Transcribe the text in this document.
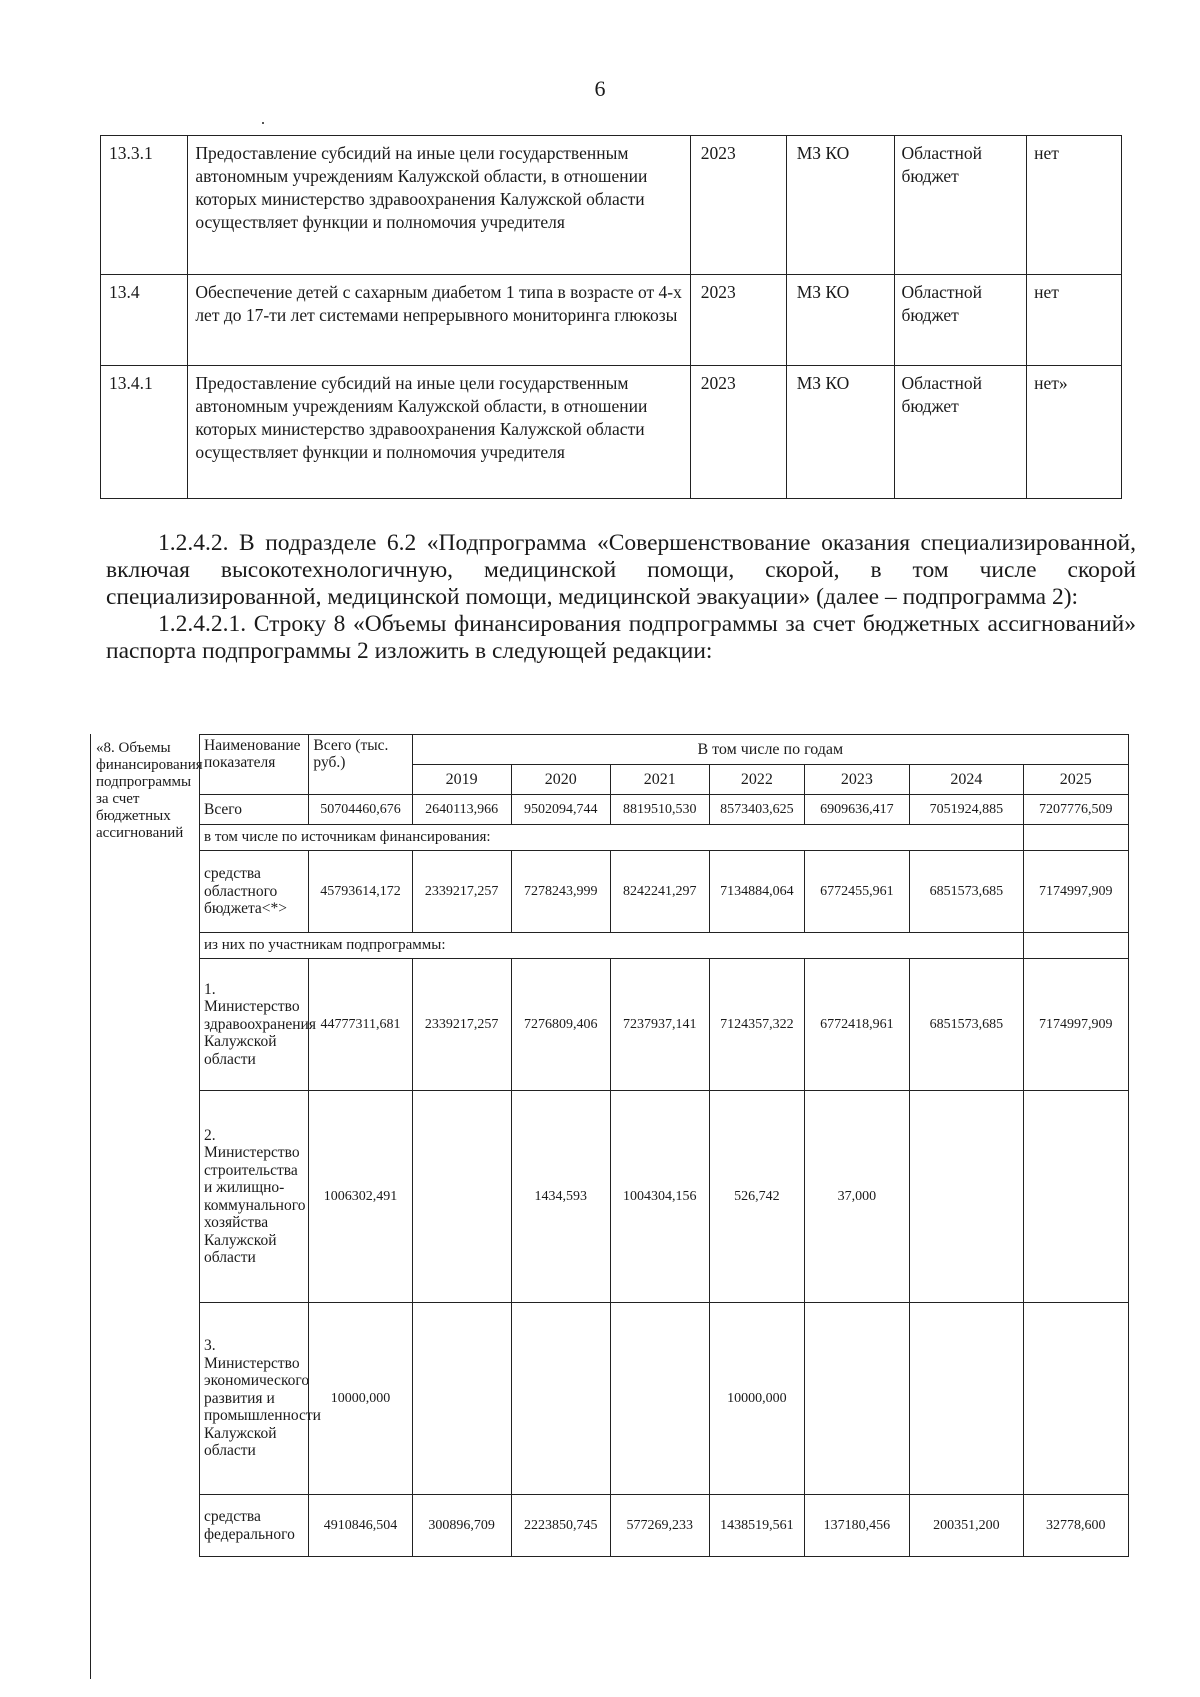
6
13.3.1	Предоставление субсидий на иные цели государственным автономным учреждениям Калужской области, в отношении которых министерство здравоохранения Калужской области осуществляет функции и полномочия учредителя	2023	МЗ КО	Областной бюджет	нет
13.4	Обеспечение детей с сахарным диабетом 1 типа в возрасте от 4-х лет до 17-ти лет системами непрерывного мониторинга глюкозы	2023	МЗ КО	Областной бюджет	нет
13.4.1	Предоставление субсидий на иные цели государственным автономным учреждениям Калужской области, в отношении которых министерство здравоохранения Калужской области осуществляет функции и полномочия учредителя	2023	МЗ КО	Областной бюджет	нет»

1.2.4.2. В подразделе 6.2 «Подпрограмма «Совершенствование оказания специализированной, включая высокотехнологичную, медицинской помощи, скорой, в том числе скорой специализированной, медицинской помощи, медицинской эвакуации» (далее – подпрограмма 2):

1.2.4.2.1. Строку 8 «Объемы финансирования подпрограммы за счет бюджетных ассигнований» паспорта подпрограммы 2 изложить в следующей редакции:

«8. Объемы финансирования подпрограммы за счет бюджетных ассигнований
Наименование показателя	Всего (тыс. руб.)	В том числе по годам						
		2019	2020	2021	2022	2023	2024	2025
Всего	50704460,676	2640113,966	9502094,744	8819510,530	8573403,625	6909636,417	7051924,885	7207776,509
в том числе по источникам финансирования:								
средства областного бюджета<*>	45793614,172	2339217,257	7278243,999	8242241,297	7134884,064	6772455,961	6851573,685	7174997,909
из них по участникам подпрограммы:								
1. Министерство здравоохранения Калужской области	44777311,681	2339217,257	7276809,406	7237937,141	7124357,322	6772418,961	6851573,685	7174997,909
2. Министерство строительства и жилищно-коммунального хозяйства Калужской области	1006302,491		1434,593	1004304,156	526,742	37,000		
3. Министерство экономического развития и промышленности Калужской области	10000,000				10000,000			
средства федерального	4910846,504	300896,709	2223850,745	577269,233	1438519,561	137180,456	200351,200	32778,600
